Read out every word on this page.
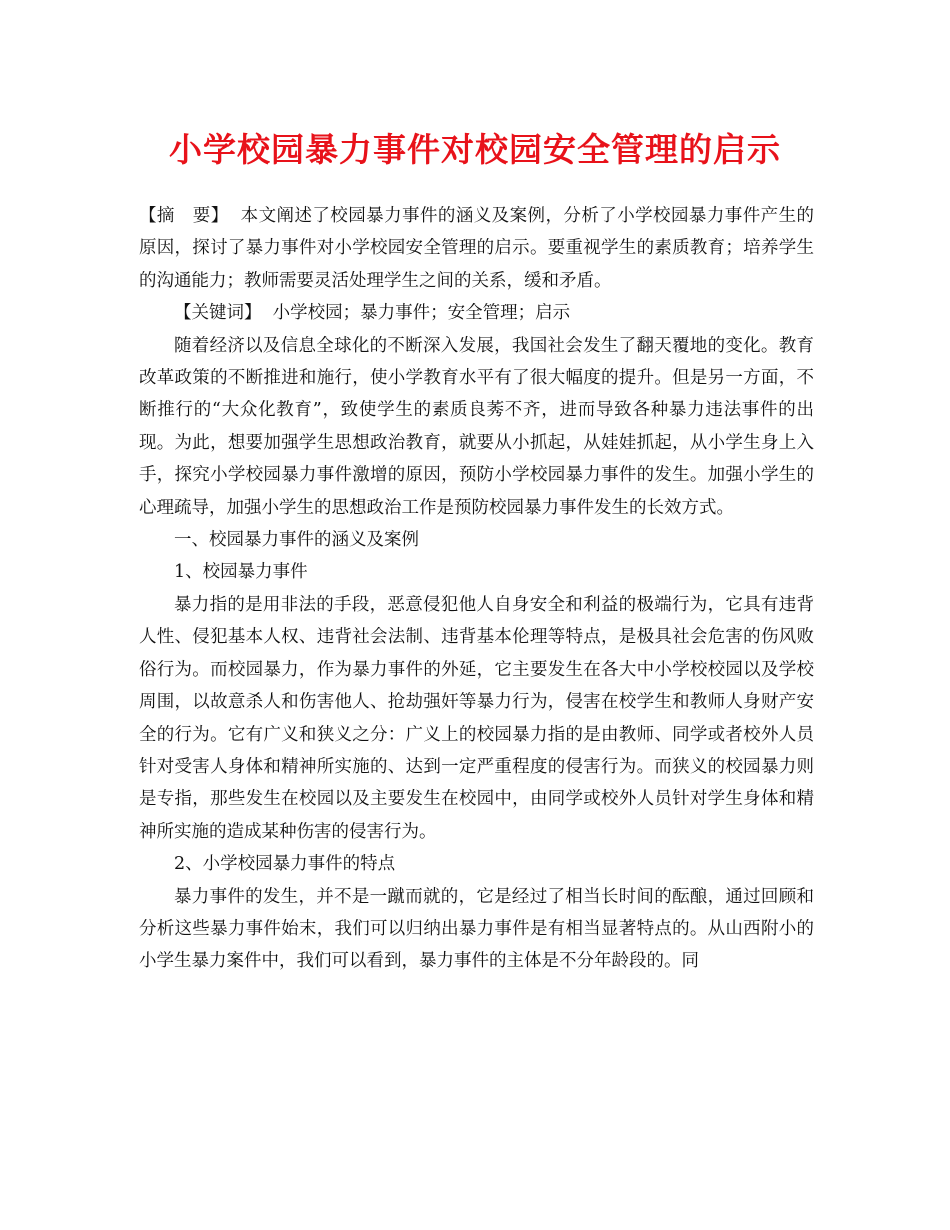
小学校园暴力事件对校园安全管理的启示

【摘　要】 本文阐述了校园暴力事件的涵义及案例，分析了小学校园暴力事件产生的原因，探讨了暴力事件对小学校园安全管理的启示。要重视学生的素质教育；培养学生的沟通能力；教师需要灵活处理学生之间的关系，缓和矛盾。

【关键词】 小学校园；暴力事件；安全管理；启示

随着经济以及信息全球化的不断深入发展，我国社会发生了翻天覆地的变化。教育改革政策的不断推进和施行，使小学教育水平有了很大幅度的提升。但是另一方面，不断推行的“大众化教育”，致使学生的素质良莠不齐，进而导致各种暴力违法事件的出现。为此，想要加强学生思想政治教育，就要从小抓起，从娃娃抓起，从小学生身上入手，探究小学校园暴力事件激增的原因，预防小学校园暴力事件的发生。加强小学生的心理疏导，加强小学生的思想政治工作是预防校园暴力事件发生的长效方式。

一、校园暴力事件的涵义及案例

1、校园暴力事件

暴力指的是用非法的手段，恶意侵犯他人自身安全和利益的极端行为，它具有违背人性、侵犯基本人权、违背社会法制、违背基本伦理等特点，是极具社会危害的伤风败俗行为。而校园暴力，作为暴力事件的外延，它主要发生在各大中小学校校园以及学校周围，以故意杀人和伤害他人、抢劫强奸等暴力行为，侵害在校学生和教师人身财产安全的行为。它有广义和狭义之分：广义上的校园暴力指的是由教师、同学或者校外人员针对受害人身体和精神所实施的、达到一定严重程度的侵害行为。而狭义的校园暴力则是专指，那些发生在校园以及主要发生在校园中，由同学或校外人员针对学生身体和精神所实施的造成某种伤害的侵害行为。

2、小学校园暴力事件的特点

暴力事件的发生，并不是一蹴而就的，它是经过了相当长时间的酝酿，通过回顾和分析这些暴力事件始末，我们可以归纳出暴力事件是有相当显著特点的。从山西附小的小学生暴力案件中，我们可以看到，暴力事件的主体是不分年龄段的。同
